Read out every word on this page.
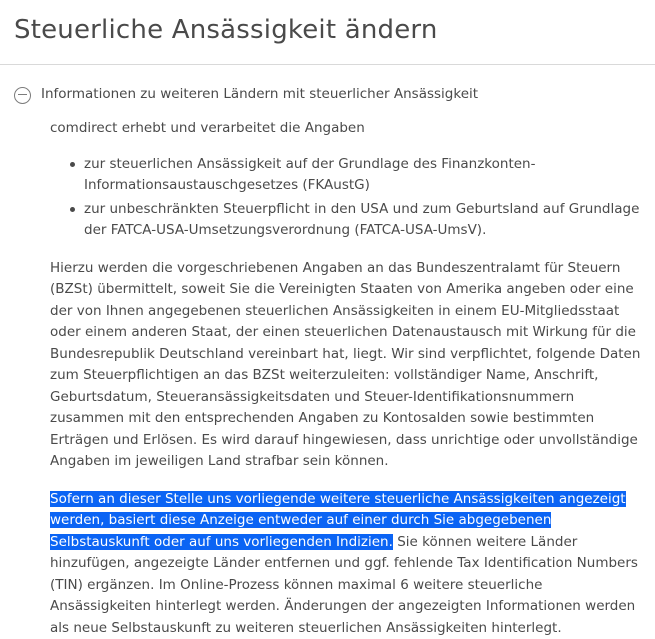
Steuerliche Ansässigkeit ändern
Informationen zu weiteren Ländern mit steuerlicher Ansässigkeit

comdirect erhebt und verarbeitet die Angaben

zur steuerlichen Ansässigkeit auf der Grundlage des Finanzkonten-Informationsaustauschgesetzes (FKAustG)
zur unbeschränkten Steuerpflicht in den USA und zum Geburtsland auf Grundlage der FATCA-USA-Umsetzungsverordnung (FATCA-USA-UmsV).

Hierzu werden die vorgeschriebenen Angaben an das Bundeszentralamt für Steuern (BZSt) übermittelt, soweit Sie die Vereinigten Staaten von Amerika angeben oder eine der von Ihnen angegebenen steuerlichen Ansässigkeiten in einem EU-Mitgliedsstaat oder einem anderen Staat, der einen steuerlichen Datenaustausch mit Wirkung für die Bundesrepublik Deutschland vereinbart hat, liegt. Wir sind verpflichtet, folgende Daten zum Steuerpflichtigen an das BZSt weiterzuleiten: vollständiger Name, Anschrift, Geburtsdatum, Steueransässigkeitsdaten und Steuer-Identifikationsnummern zusammen mit den entsprechenden Angaben zu Kontosalden sowie bestimmten Erträgen und Erlösen. Es wird darauf hingewiesen, dass unrichtige oder unvollständige Angaben im jeweiligen Land strafbar sein können.

Sofern an dieser Stelle uns vorliegende weitere steuerliche Ansässigkeiten angezeigt werden, basiert diese Anzeige entweder auf einer durch Sie abgegebenen Selbstauskunft oder auf uns vorliegenden Indizien. Sie können weitere Länder hinzufügen, angezeigte Länder entfernen und ggf. fehlende Tax Identification Numbers (TIN) ergänzen. Im Online-Prozess können maximal 6 weitere steuerliche Ansässigkeiten hinterlegt werden. Änderungen der angezeigten Informationen werden als neue Selbstauskunft zu weiteren steuerlichen Ansässigkeiten hinterlegt.
